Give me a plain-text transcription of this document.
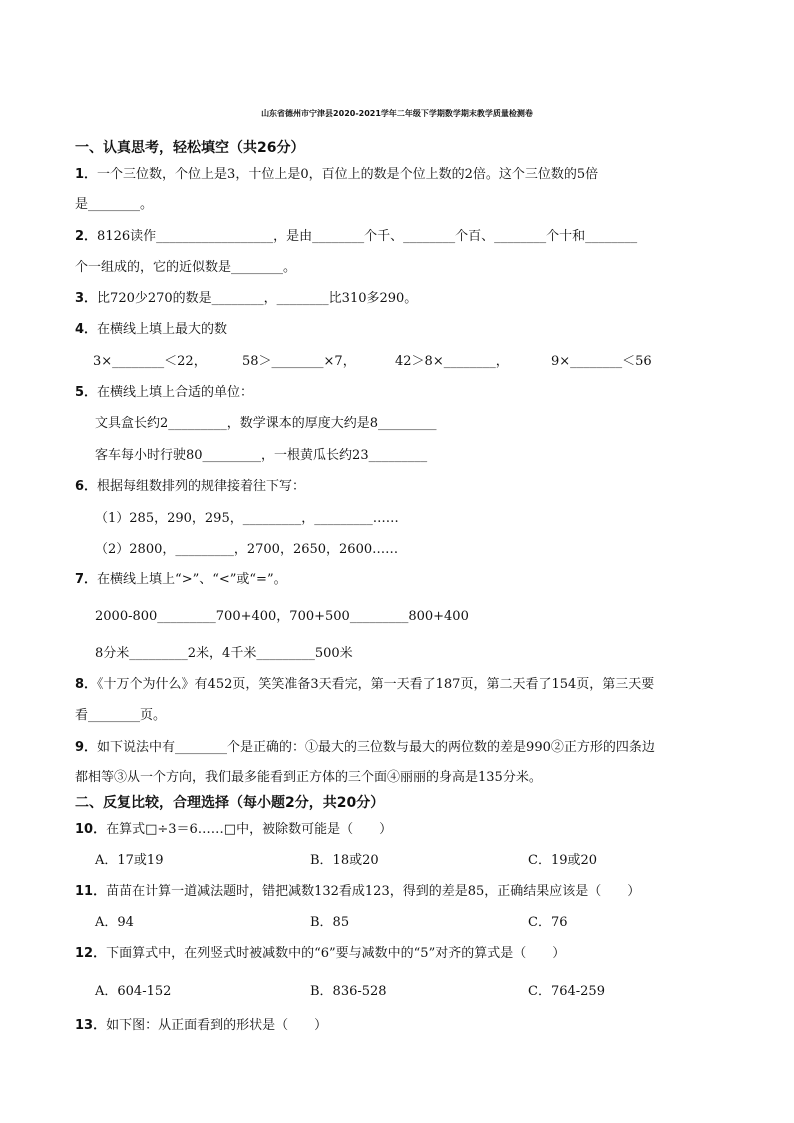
山东省德州市宁津县2020-2021学年二年级下学期数学期末教学质量检测卷
一、认真思考，轻松填空（共26分）
1．一个三位数，个位上是3，十位上是0，百位上的数是个位上数的2倍。这个三位数的5倍
是________。
2．8126读作__________________，是由________个千、________个百、________个十和________
个一组成的，它的近似数是________。
3．比720少270的数是________，________比310多290。
4．在横线上填上最大的数
3×________＜22，	58＞________×7，	42＞8×________，	9×________＜56
5．在横线上填上合适的单位：
文具盒长约2_________，数学课本的厚度大约是8_________
客车每小时行驶80_________，一根黄瓜长约23_________
6．根据每组数排列的规律接着往下写：
（1）285，290，295，_________，_________……
（2）2800，_________，2700，2650，2600……
7．在横线上填上“>”、“<”或“=”。
2000-800_________700+400，700+500_________800+400
8分米_________2米，4千米_________500米
8．《十万个为什么》有452页，笑笑准备3天看完，第一天看了187页，第二天看了154页，第三天要
看________页。
9．如下说法中有________个是正确的：①最大的三位数与最大的两位数的差是990②正方形的四条边
都相等③从一个方向，我们最多能看到正方体的三个面④丽丽的身高是135分米。
二、反复比较，合理选择（每小题2分，共20分）
10．在算式□÷3＝6……□中，被除数可能是（　　）
A．17或19	B．18或20	C．19或20
11．苗苗在计算一道减法题时，错把减数132看成123，得到的差是85，正确结果应该是（　　）
A．94	B．85	C．76
12．下面算式中，在列竖式时被减数中的“6”要与减数中的“5”对齐的算式是（　　）
A．604-152	B．836-528	C．764-259
13．如下图：从正面看到的形状是（　　）
